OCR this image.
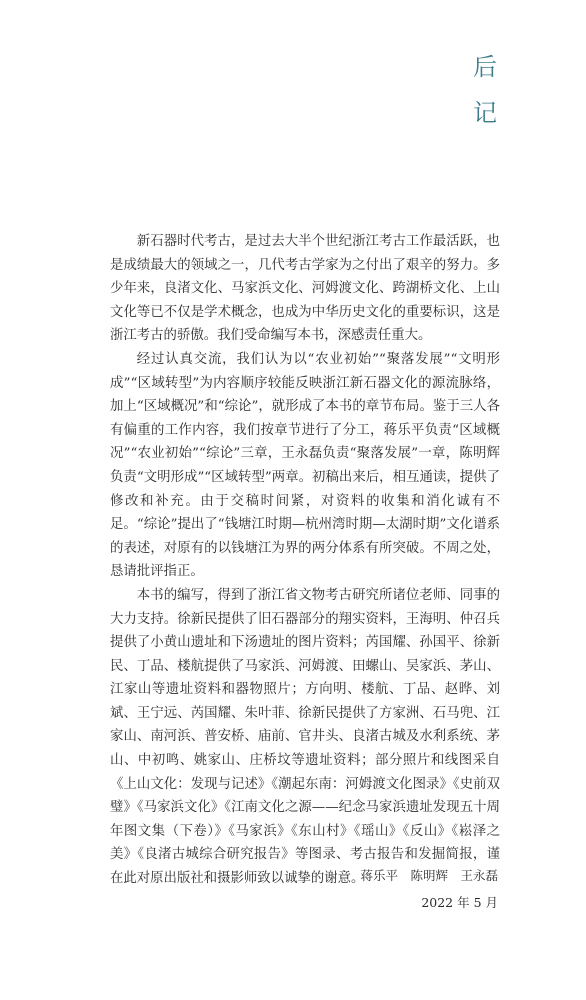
后
记

新石器时代考古，是过去大半个世纪浙江考古工作最活跃，也是成绩最大的领域之一，几代考古学家为之付出了艰辛的努力。多少年来，良渚文化、马家浜文化、河姆渡文化、跨湖桥文化、上山文化等已不仅是学术概念，也成为中华历史文化的重要标识，这是浙江考古的骄傲。我们受命编写本书，深感责任重大。

经过认真交流，我们认为以“农业初始”“聚落发展”“文明形成”“区域转型”为内容顺序较能反映浙江新石器文化的源流脉络，加上“区域概况”和“综论”，就形成了本书的章节布局。鉴于三人各有偏重的工作内容，我们按章节进行了分工，蒋乐平负责“区域概况”“农业初始”“综论”三章，王永磊负责“聚落发展”一章，陈明辉负责“文明形成”“区域转型”两章。初稿出来后，相互通读，提供了修改和补充。由于交稿时间紧，对资料的收集和消化诚有不足。“综论”提出了“钱塘江时期—杭州湾时期—太湖时期”文化谱系的表述，对原有的以钱塘江为界的两分体系有所突破。不周之处，恳请批评指正。

本书的编写，得到了浙江省文物考古研究所诸位老师、同事的大力支持。徐新民提供了旧石器部分的翔实资料，王海明、仲召兵提供了小黄山遗址和下汤遗址的图片资料；芮国耀、孙国平、徐新民、丁品、楼航提供了马家浜、河姆渡、田螺山、吴家浜、茅山、江家山等遗址资料和器物照片；方向明、楼航、丁品、赵晔、刘斌、王宁远、芮国耀、朱叶菲、徐新民提供了方家洲、石马兜、江家山、南河浜、普安桥、庙前、官井头、良渚古城及水利系统、茅山、中初鸣、姚家山、庄桥坟等遗址资料；部分照片和线图采自《上山文化：发现与记述》《潮起东南：河姆渡文化图录》《史前双璧》《马家浜文化》《江南文化之源——纪念马家浜遗址发现五十周年图文集（下卷）》《马家浜》《东山村》《瑶山》《反山》《崧泽之美》《良渚古城综合研究报告》等图录、考古报告和发掘简报，谨在此对原出版社和摄影师致以诚挚的谢意。

蒋乐平　陈明辉　王永磊
2022 年 5 月
